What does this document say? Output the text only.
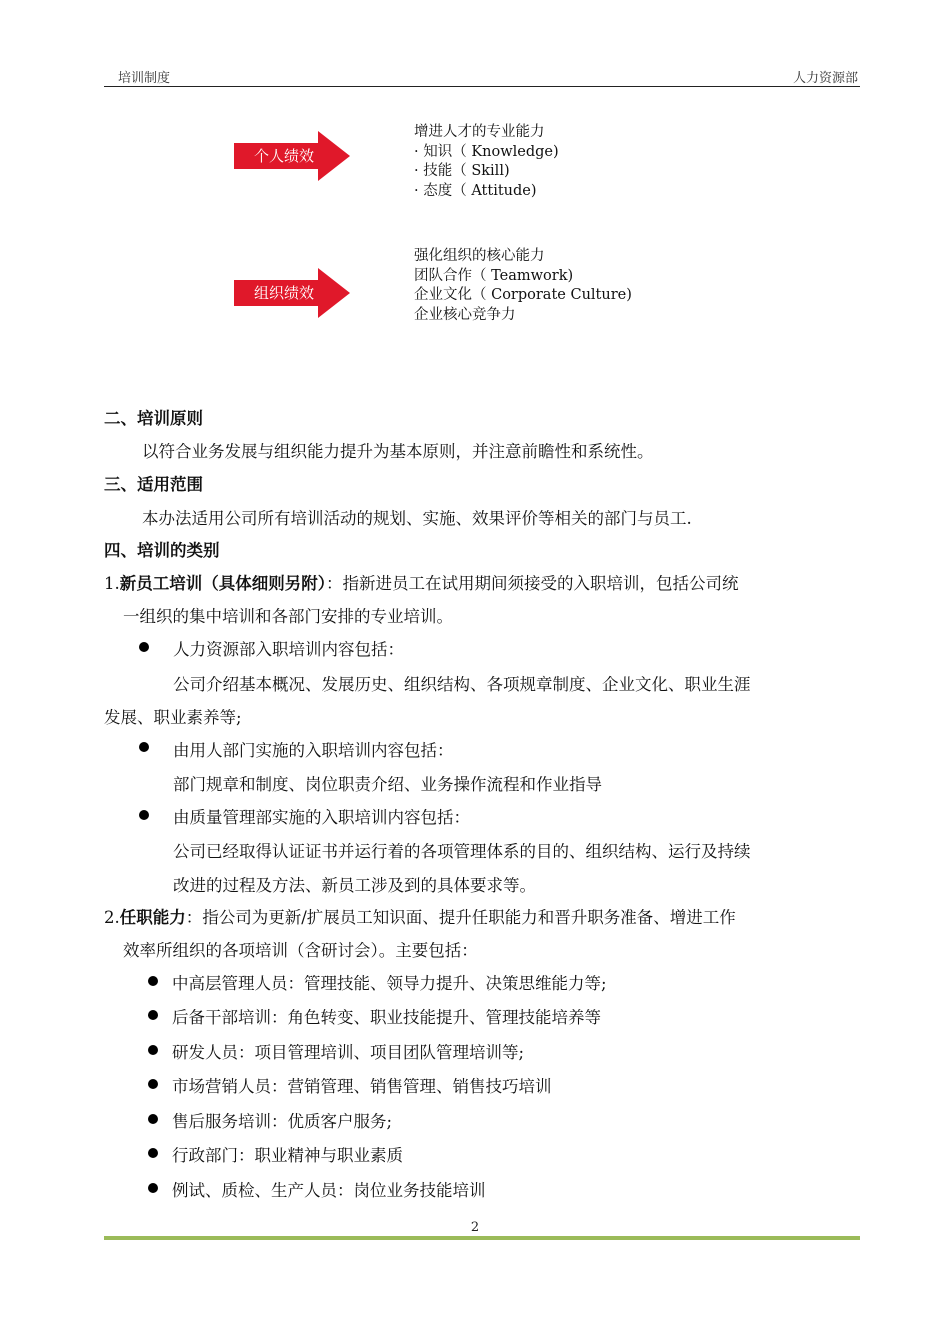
培训制度	人力资源部
个人绩效
增进人才的专业能力
· 知识（ Knowledge)
· 技能（ Skill)
· 态度（ Attitude)
组织绩效
强化组织的核心能力
团队合作（ Teamwork)
企业文化（ Corporate Culture)
企业核心竞争力
二、培训原则
以符合业务发展与组织能力提升为基本原则，并注意前瞻性和系统性。
三、适用范围
本办法适用公司所有培训活动的规划、实施、效果评价等相关的部门与员工.
四、培训的类别
1.新员工培训（具体细则另附）：指新进员工在试用期间须接受的入职培训，包括公司统
一组织的集中培训和各部门安排的专业培训。
人力资源部入职培训内容包括：
公司介绍基本概况、发展历史、组织结构、各项规章制度、企业文化、职业生涯
发展、职业素养等;
由用人部门实施的入职培训内容包括：
部门规章和制度、岗位职责介绍、业务操作流程和作业指导
由质量管理部实施的入职培训内容包括：
公司已经取得认证证书并运行着的各项管理体系的目的、组织结构、运行及持续
改进的过程及方法、新员工涉及到的具体要求等。
2.任职能力：指公司为更新/扩展员工知识面、提升任职能力和晋升职务准备、增进工作
效率所组织的各项培训（含研讨会）。主要包括：
中高层管理人员：管理技能、领导力提升、决策思维能力等;
后备干部培训：角色转变、职业技能提升、管理技能培养等
研发人员：项目管理培训、项目团队管理培训等;
市场营销人员：营销管理、销售管理、销售技巧培训
售后服务培训：优质客户服务;
行政部门：职业精神与职业素质
例试、质检、生产人员：岗位业务技能培训
2
